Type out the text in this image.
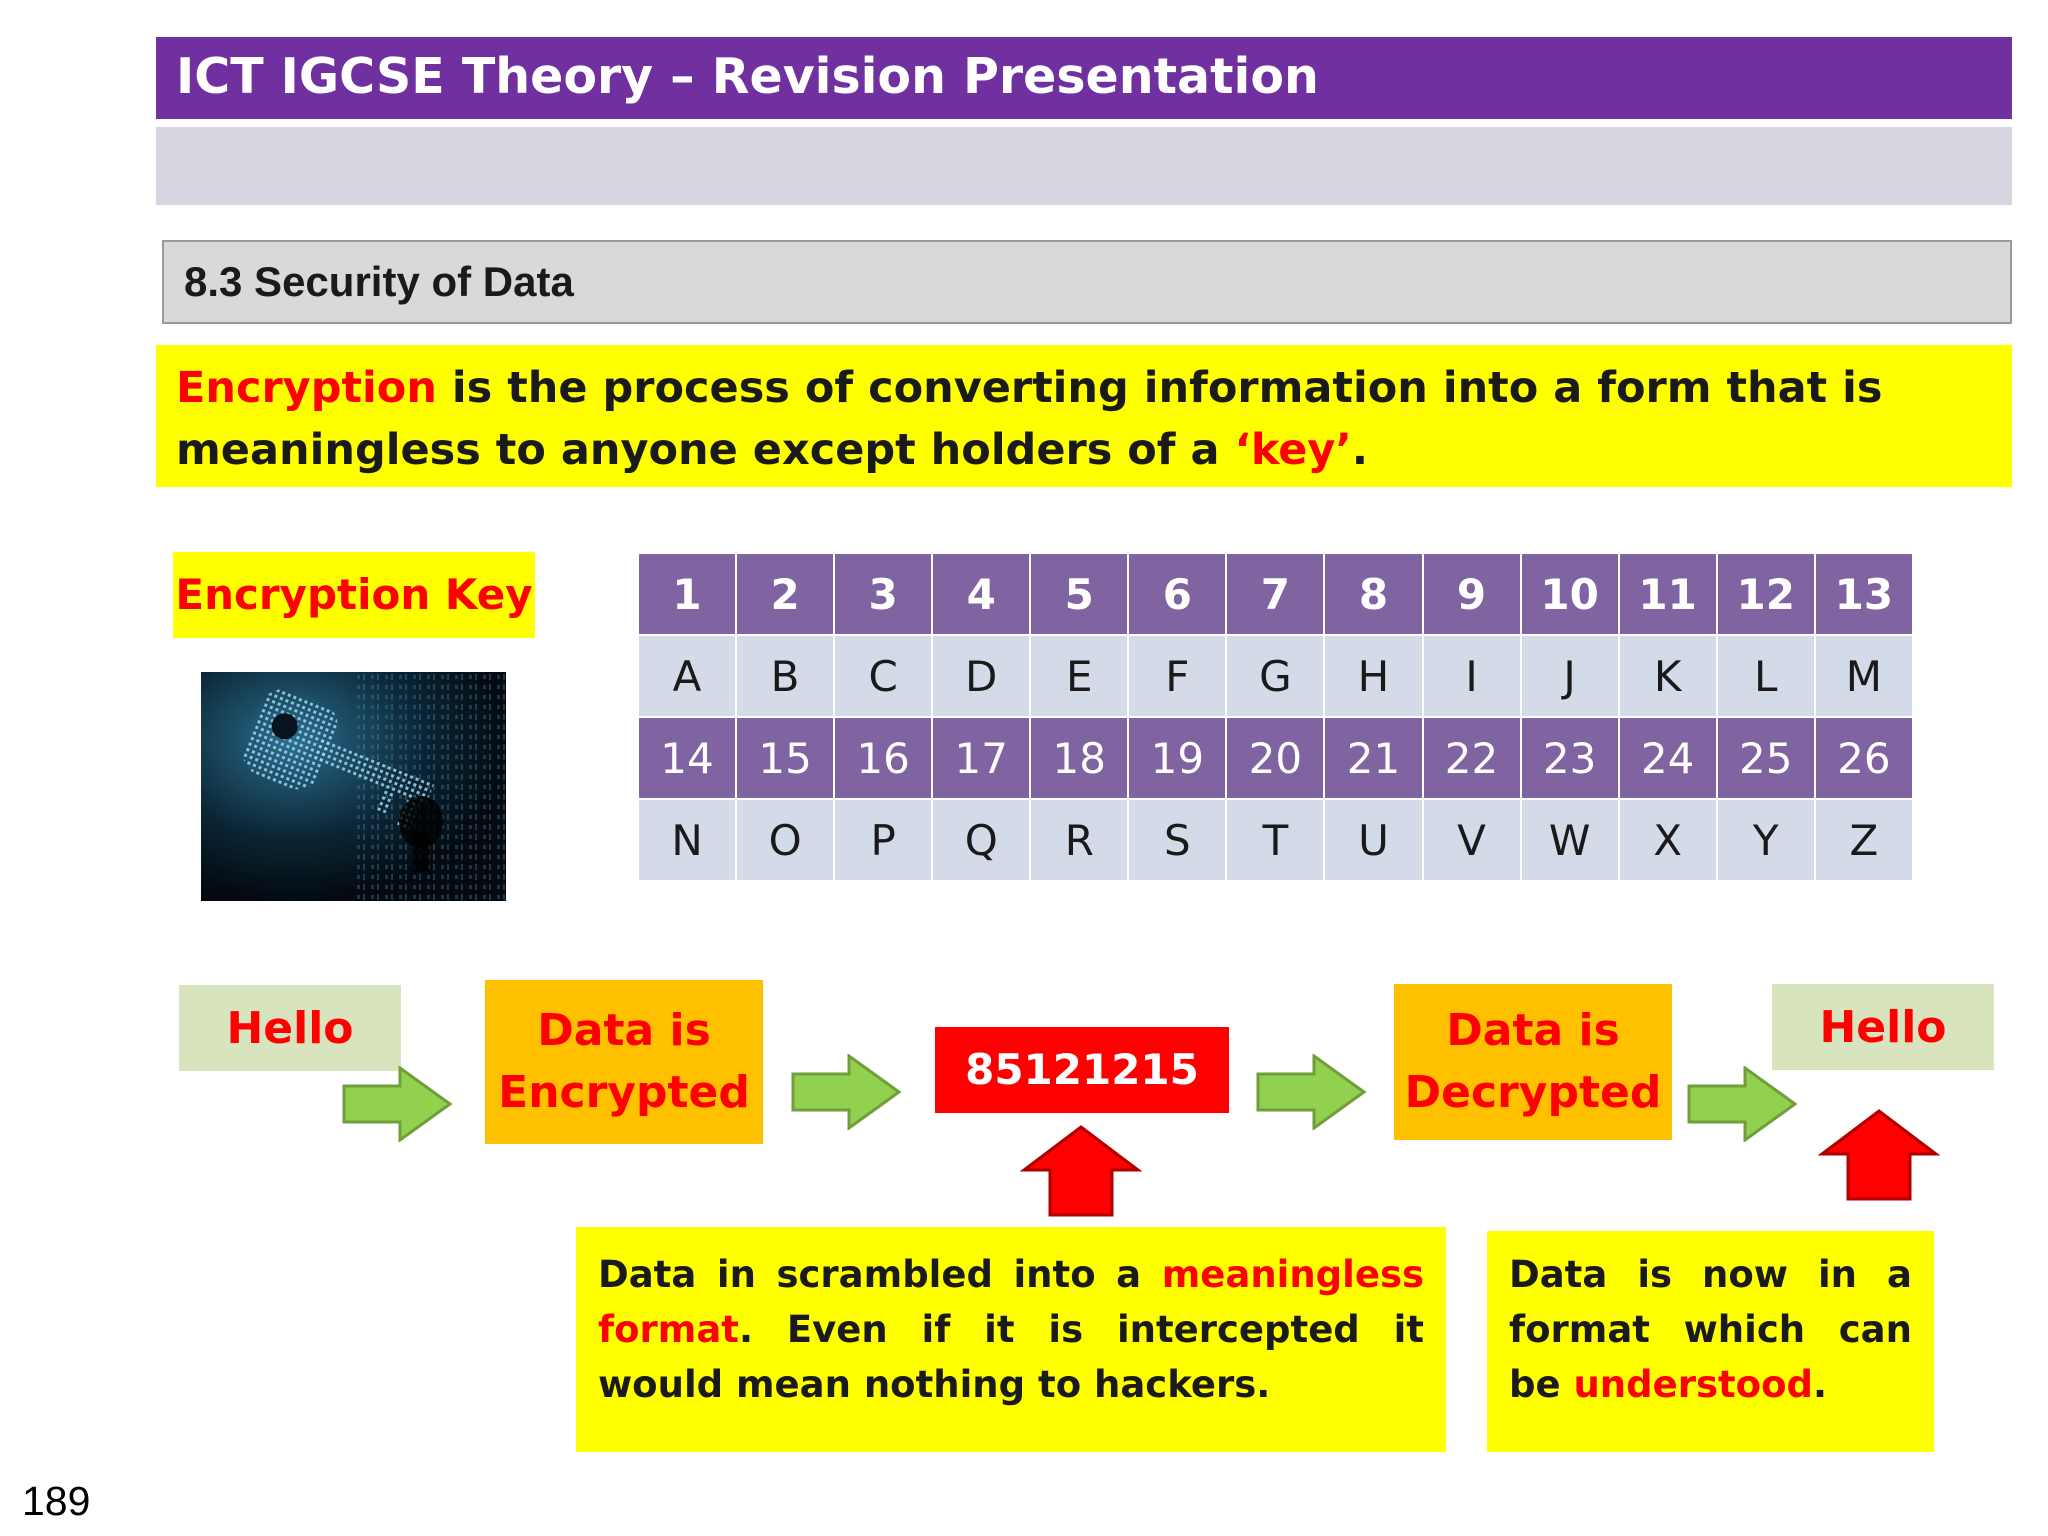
ICT IGCSE Theory – Revision Presentation
8.3 Security of Data
Encryption is the process of converting information into a form that is meaningless to anyone except holders of a ‘key’.
Encryption Key	1	2	3	4	5	6	7	8	9	10	11	12	13
A	B	C	D	E	F	G	H	I	J	K	L	M
14	15	16	17	18	19	20	21	22	23	24	25	26
N	O	P	Q	R	S	T	U	V	W	X	Y	Z
Hello	Data is
Encrypted	85121215
Data is
Decrypted
Hello
Data in scrambled into a meaningless format. Even if it is intercepted it would mean nothing to hackers.
Data is now in a format which can be understood.
189
